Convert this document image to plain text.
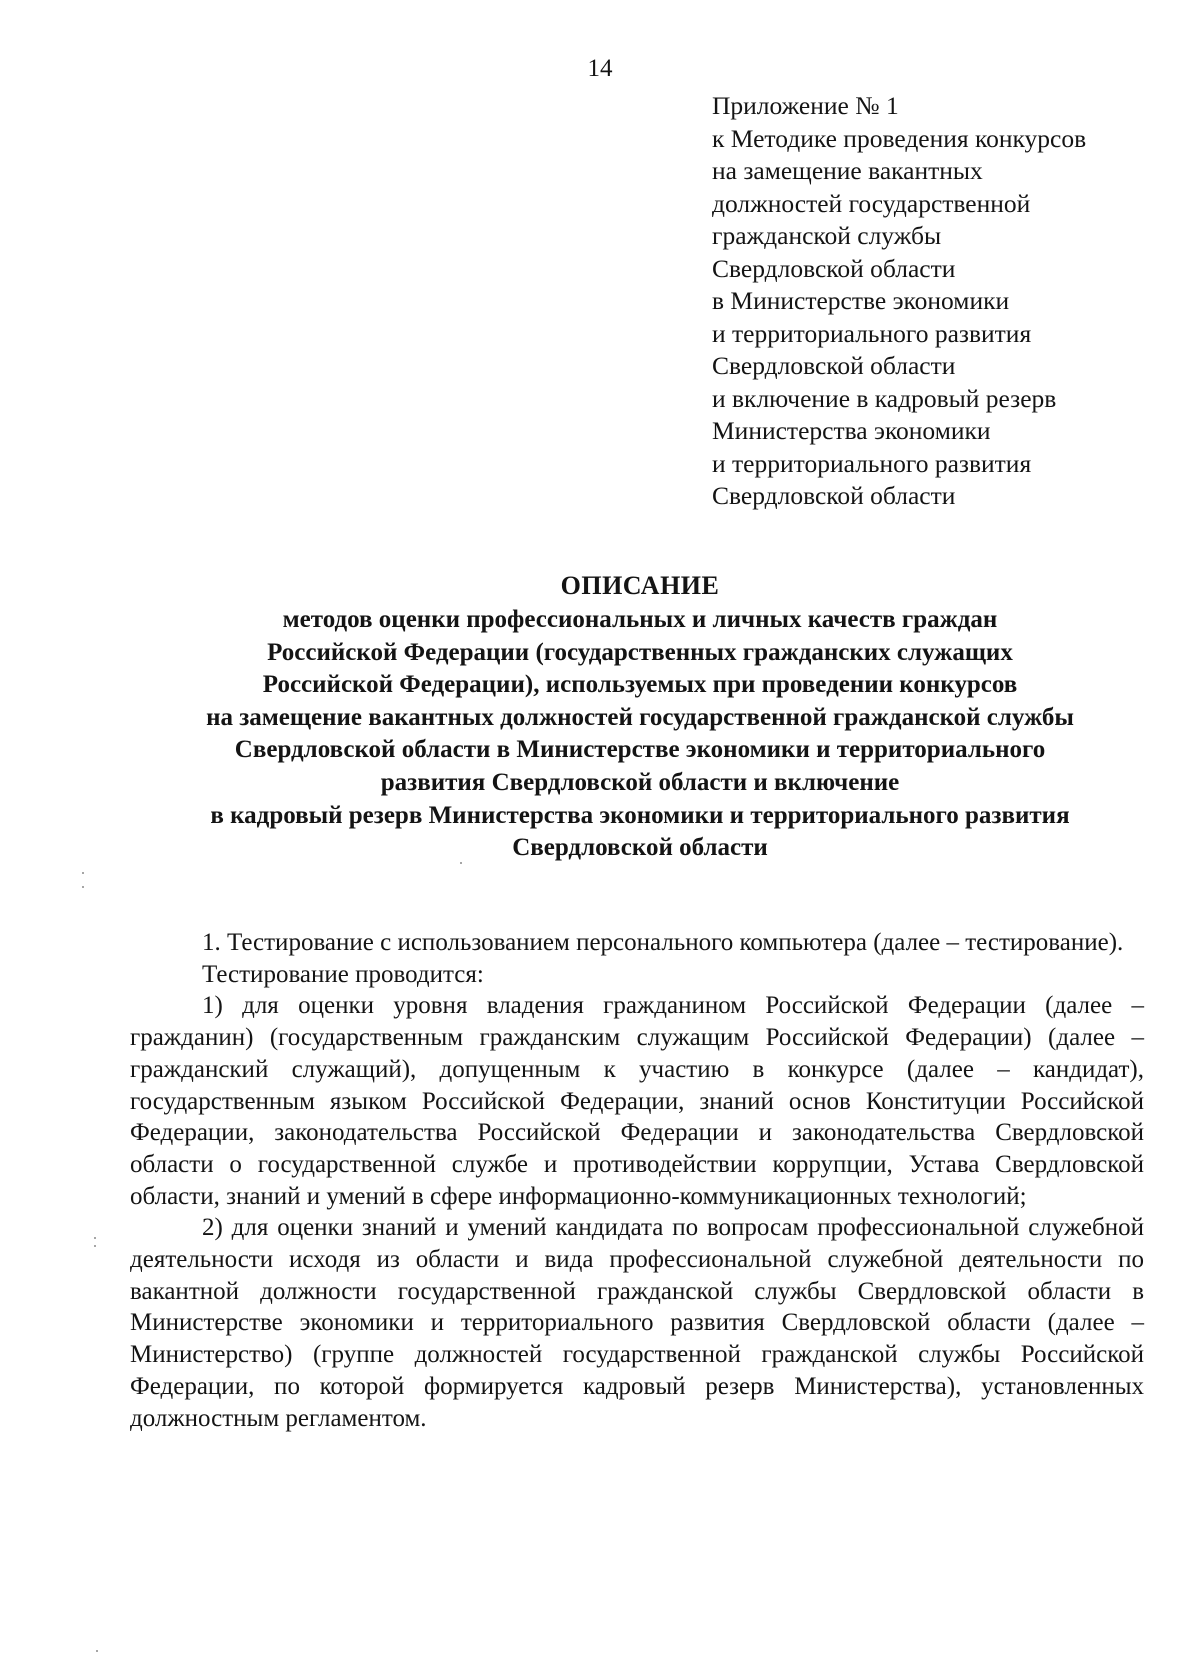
14
Приложение № 1
к Методике проведения конкурсов
на замещение вакантных
должностей государственной
гражданской службы
Свердловской области
в Министерстве экономики
и территориального развития
Свердловской области
и включение в кадровый резерв
Министерства экономики
и территориального развития
Свердловской области
ОПИСАНИЕ
методов оценки профессиональных и личных качеств граждан
Российской Федерации (государственных гражданских служащих
Российской Федерации), используемых при проведении конкурсов
на замещение вакантных должностей государственной гражданской службы
Свердловской области в Министерстве экономики и территориального
развития Свердловской области и включение
в кадровый резерв Министерства экономики и территориального развития
Свердловской области

1. Тестирование с использованием персонального компьютера (далее – тестирование).

Тестирование проводится:

1) для оценки уровня владения гражданином Российской Федерации (далее – гражданин) (государственным гражданским служащим Российской Федерации) (далее – гражданский служащий), допущенным к участию в конкурсе (далее – кандидат), государственным языком Российской Федерации, знаний основ Конституции Российской Федерации, законодательства Российской Федерации и законодательства Свердловской области о государственной службе и противодействии коррупции, Устава Свердловской области, знаний и умений в сфере информационно-коммуникационных технологий;

2) для оценки знаний и умений кандидата по вопросам профессиональной служебной деятельности исходя из области и вида профессиональной служебной деятельности по вакантной должности государственной гражданской службы Свердловской области в Министерстве экономики и территориального развития Свердловской области (далее – Министерство) (группе должностей государственной гражданской службы Российской Федерации, по которой формируется кадровый резерв Министерства), установленных должностным регламентом.
